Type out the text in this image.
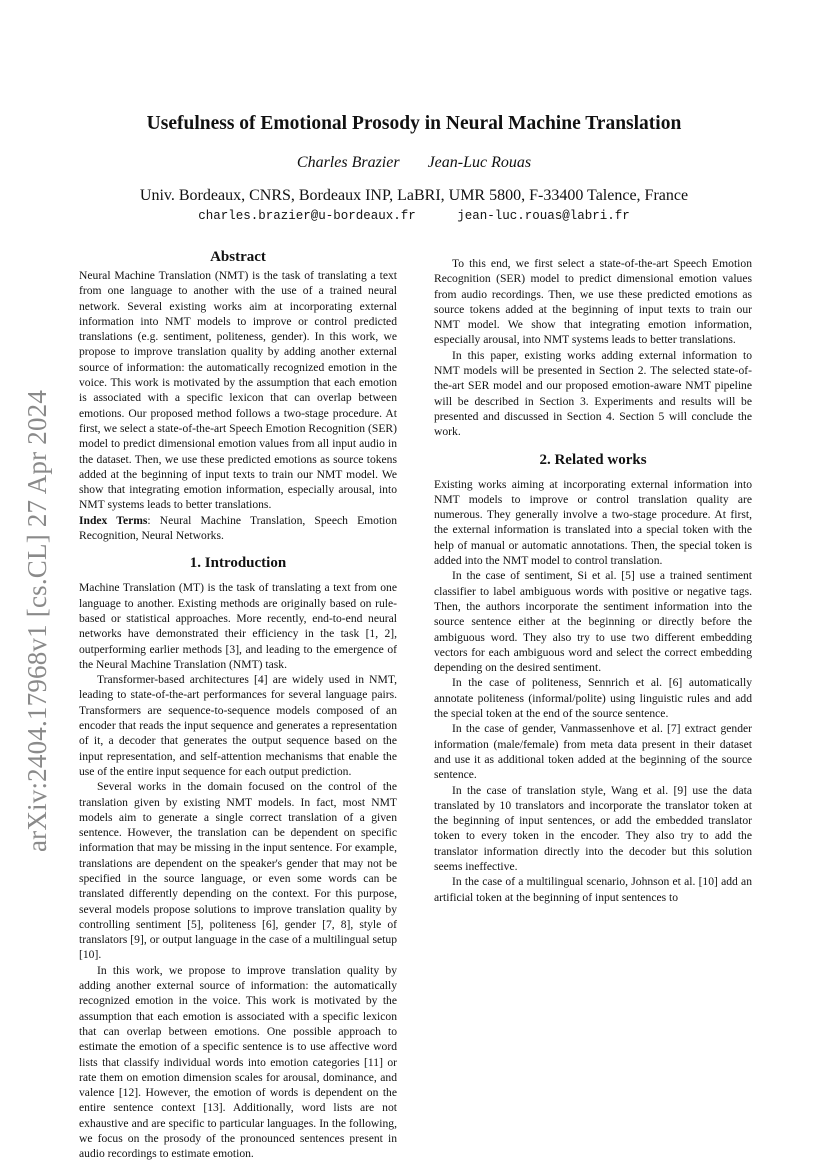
arXiv:2404.17968v1 [cs.CL] 27 Apr 2024
Usefulness of Emotional Prosody in Neural Machine Translation
Charles Brazier Jean-Luc Rouas
Univ. Bordeaux, CNRS, Bordeaux INP, LaBRI, UMR 5800, F-33400 Talence, France
charles.brazier@u-bordeaux.fr	jean-luc.rouas@labri.fr
Abstract

Neural Machine Translation (NMT) is the task of translating a text from one language to another with the use of a trained neural network. Several existing works aim at incorporating external information into NMT models to improve or control predicted translations (e.g. sentiment, politeness, gender). In this work, we propose to improve translation quality by adding another external source of information: the automatically recognized emotion in the voice. This work is motivated by the assumption that each emotion is associated with a specific lexicon that can overlap between emotions. Our proposed method follows a two-stage procedure. At first, we select a state-of-the-art Speech Emotion Recognition (SER) model to predict dimensional emotion values from all input audio in the dataset. Then, we use these predicted emotions as source tokens added at the beginning of input texts to train our NMT model. We show that integrating emotion information, especially arousal, into NMT systems leads to better translations.

Index Terms: Neural Machine Translation, Speech Emotion Recognition, Neural Networks.

1. Introduction

Machine Translation (MT) is the task of translating a text from one language to another. Existing methods are originally based on rule-based or statistical approaches. More recently, end-to-end neural networks have demonstrated their efficiency in the task [1, 2], outperforming earlier methods [3], and leading to the emergence of the Neural Machine Translation (NMT) task.

Transformer-based architectures [4] are widely used in NMT, leading to state-of-the-art performances for several language pairs. Transformers are sequence-to-sequence models composed of an encoder that reads the input sequence and generates a representation of it, a decoder that generates the output sequence based on the input representation, and self-attention mechanisms that enable the use of the entire input sequence for each output prediction.

Several works in the domain focused on the control of the translation given by existing NMT models. In fact, most NMT models aim to generate a single correct translation of a given sentence. However, the translation can be dependent on specific information that may be missing in the input sentence. For example, translations are dependent on the speaker's gender that may not be specified in the source language, or even some words can be translated differently depending on the context. For this purpose, several models propose solutions to improve translation quality by controlling sentiment [5], politeness [6], gender [7, 8], style of translators [9], or output language in the case of a multilingual setup [10].

In this work, we propose to improve translation quality by adding another external source of information: the automatically recognized emotion in the voice. This work is motivated by the assumption that each emotion is associated with a specific lexicon that can overlap between emotions. One possible approach to estimate the emotion of a specific sentence is to use affective word lists that classify individual words into emotion categories [11] or rate them on emotion dimension scales for arousal, dominance, and valence [12]. However, the emotion of words is dependent on the entire sentence context [13]. Additionally, word lists are not exhaustive and are specific to particular languages. In the following, we focus on the prosody of the pronounced sentences present in audio recordings to estimate emotion.

To this end, we first select a state-of-the-art Speech Emotion Recognition (SER) model to predict dimensional emotion values from audio recordings. Then, we use these predicted emotions as source tokens added at the beginning of input texts to train our NMT model. We show that integrating emotion information, especially arousal, into NMT systems leads to better translations.

In this paper, existing works adding external information to NMT models will be presented in Section 2. The selected state-of-the-art SER model and our proposed emotion-aware NMT pipeline will be described in Section 3. Experiments and results will be presented and discussed in Section 4. Section 5 will conclude the work.

2. Related works

Existing works aiming at incorporating external information into NMT models to improve or control translation quality are numerous. They generally involve a two-stage procedure. At first, the external information is translated into a special token with the help of manual or automatic annotations. Then, the special token is added into the NMT model to control translation.

In the case of sentiment, Si et al. [5] use a trained sentiment classifier to label ambiguous words with positive or negative tags. Then, the authors incorporate the sentiment information into the source sentence either at the beginning or directly before the ambiguous word. They also try to use two different embedding vectors for each ambiguous word and select the correct embedding depending on the desired sentiment.

In the case of politeness, Sennrich et al. [6] automatically annotate politeness (informal/polite) using linguistic rules and add the special token at the end of the source sentence.

In the case of gender, Vanmassenhove et al. [7] extract gender information (male/female) from meta data present in their dataset and use it as additional token added at the beginning of the source sentence.

In the case of translation style, Wang et al. [9] use the data translated by 10 translators and incorporate the translator token at the beginning of input sentences, or add the embedded translator token to every token in the encoder. They also try to add the translator information directly into the decoder but this solution seems ineffective.

In the case of a multilingual scenario, Johnson et al. [10] add an artificial token at the beginning of input sentences to
